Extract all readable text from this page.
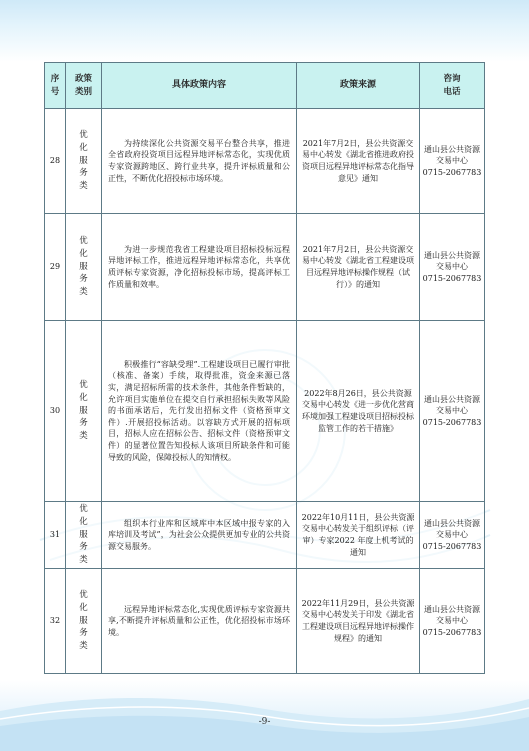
序号	政策类别	具体政策内容	政策来源	咨询电话
28	优化服务类	为持续深化公共资源交易平台整合共享，推进全省政府投资项目远程异地评标常态化，实现优质专家资源跨地区、跨行业共享，提升评标质量和公正性，不断优化招投标市场环境。	2021年7月2日，县公共资源交易中心转发《湖北省推进政府投资项目远程异地评标常态化指导意见》通知	通山县公共资源交易中心
0715-2067783
29	优化服务类	为进一步规范我省工程建设项目招标投标远程异地评标工作，推进远程异地评标常态化，共享优质评标专家资源，净化招标投标市场，提高评标工作质量和效率。	2021年7月2日，县公共资源交易中心转发《湖北省工程建设项目远程异地评标操作规程（试行）》的通知	通山县公共资源交易中心
0715-2067783
30	优化服务类	积极推行“容缺受理”.工程建设项目已履行审批（核准、备案）手续，取得批准，资金来源已落实，满足招标所需的技术条件，其他条件暂缺的，允许项目实施单位在提交自行承担招标失败等风险的书面承诺后，先行发出招标文件（资格预审文件）.开展招投标活动。以容缺方式开展的招标项目，招标人应在招标公告、招标文件（资格预审文件）的显著位置告知投标人该项目所缺条件和可能导致的风险，保障投标人的知情权。	2022年8月26日，县公共资源交易中心转发《进一步优化营商环境加强工程建设项目招标投标监管工作的若干措施》	通山县公共资源交易中心
0715-2067783
31	优化服务类	组织本行业库和区域库中本区域中报专家的入库培训及考试”，为社会公众提供更加专业的公共资源交易服务。	2022年10月11日，县公共资源交易中心转发关于组织评标（评审）专家2022 年度上机考试的通知	通山县公共资源交易中心
0715-2067783
32	优化服务类	远程异地评标常态化,实现优质评标专家资源共享,不断提升评标质量和公正性，优化招投标市场环境。	2022年11月29日，县公共资源交易中心转发关于印发《湖北省工程建设项目远程异地评标操作规程》的通知	通山县公共资源交易中心
0715-2067783
-9-
